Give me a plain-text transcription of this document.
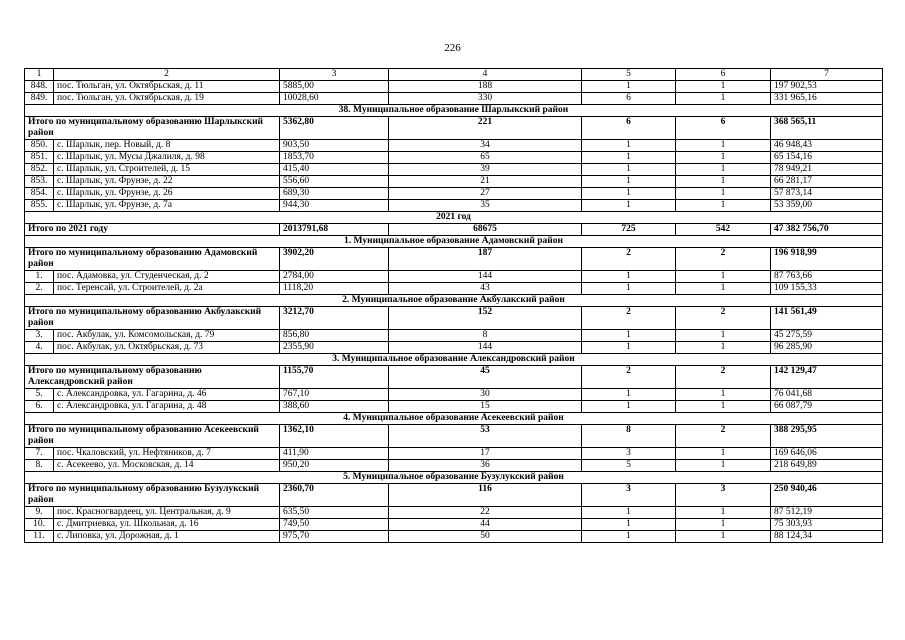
226
1	2	3	4	5	6	7
848.	пос. Тюльган, ул. Октябрьская, д. 11	5885,00	188	1	1	197 902,53
849.	пос. Тюльган, ул. Октябрьская, д. 19	10028,60	330	6	1	331 965,16
38. Муниципальное образование Шарлыкский район						
Итого по муниципальному образованию Шарлыкский район		5362,80	221	6	6	368 565,11
850.	с. Шарлык, пер. Новый, д. 8	903,50	34	1	1	46 948,43
851.	с. Шарлык, ул. Мусы Джалиля, д. 98	1853,70	65	1	1	65 154,16
852.	с. Шарлык, ул. Строителей, д. 15	415,40	39	1	1	78 949,21
853.	с. Шарлык, ул. Фрунзе, д. 22	556,60	21	1	1	66 281,17
854.	с. Шарлык, ул. Фрунзе, д. 26	689,30	27	1	1	57 873,14
855.	с. Шарлык, ул. Фрунзе, д. 7а	944,30	35	1	1	53 359,00
2021 год						
Итого по 2021 году		2013791,68	68675	725	542	47 382 756,70
1. Муниципальное образование Адамовский район						
Итого по муниципальному образованию Адамовский район		3902,20	187	2	2	196 918,99
1.	пос. Адамовка, ул. Студенческая, д. 2	2784,00	144	1	1	87 763,66
2.	пос. Теренсай, ул. Строителей, д. 2а	1118,20	43	1	1	109 155,33
2. Муниципальное образование Акбулакский район						
Итого по муниципальному образованию Акбулакский район		3212,70	152	2	2	141 561,49
3.	пос. Акбулак, ул. Комсомольская, д. 79	856,80	8	1	1	45 275,59
4.	пос. Акбулак, ул. Октябрьская, д. 73	2355,90	144	1	1	96 285,90
3. Муниципальное образование Александровский район						
Итого по муниципальному образованию Александровский район		1155,70	45	2	2	142 129,47
5.	с. Александровка, ул. Гагарина, д. 46	767,10	30	1	1	76 041,68
6.	с. Александровка, ул. Гагарина, д. 48	388,60	15	1	1	66 087,79
4. Муниципальное образование Асекеевский район						
Итого по муниципальному образованию Асекеевский район		1362,10	53	8	2	388 295,95
7.	пос. Чкаловский, ул. Нефтяников, д. 7	411,90	17	3	1	169 646,06
8.	с. Асекеево, ул. Московская, д. 14	950,20	36	5	1	218 649,89
5. Муниципальное образование Бузулукский район						
Итого по муниципальному образованию Бузулукский район		2360,70	116	3	3	250 940,46
9.	пос. Красногвардеец, ул. Центральная, д. 9	635,50	22	1	1	87 512,19
10.	с. Дмитриевка, ул. Школьная, д. 16	749,50	44	1	1	75 303,93
11.	с. Липовка, ул. Дорожная, д. 1	975,70	50	1	1	88 124,34
